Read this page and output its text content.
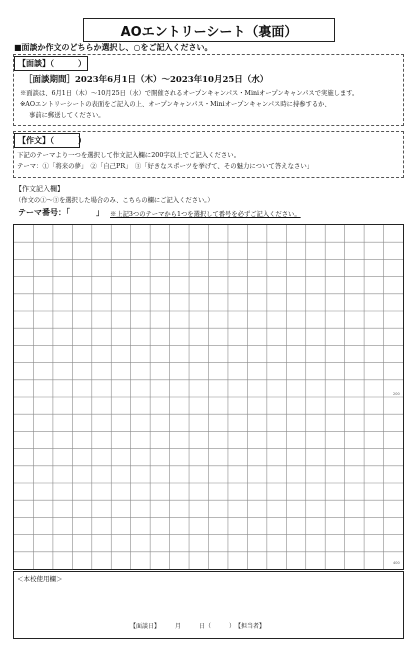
AOエントリーシート（裏面）
■面談か作文のどちらか選択し、○をご記入ください。
【面談】（　　　）
［面談期間］2023年6月1日（木）～2023年10月25日（水）
※面談は、6月1日（木）～10月25日（水）で開催されるオープンキャンパス・Miniオープンキャンパスで実施します。
※AOエントリーシートの表面をご記入の上、オープンキャンパス・Miniオープンキャンパス時に持参するか、
事前に郵送してください。
【作文】（　　　）
下記のテーマより一つを選択して作文記入欄に200字以上でご記入ください。
テーマ：①「将来の夢」　②「自己PR」　③「好きなスポーツを挙げて、その魅力について答えなさい」
【作文記入欄】
（作文の①～③を選択した場合のみ、こちらの欄にご記入ください。）
テーマ番号：「	」 ※上記3つのテーマから1つを選択して番号を必ずご記入ください。
200
400
＜本校使用欄＞
【面談日】　　　月　　　日（　　　）　【担当者】
